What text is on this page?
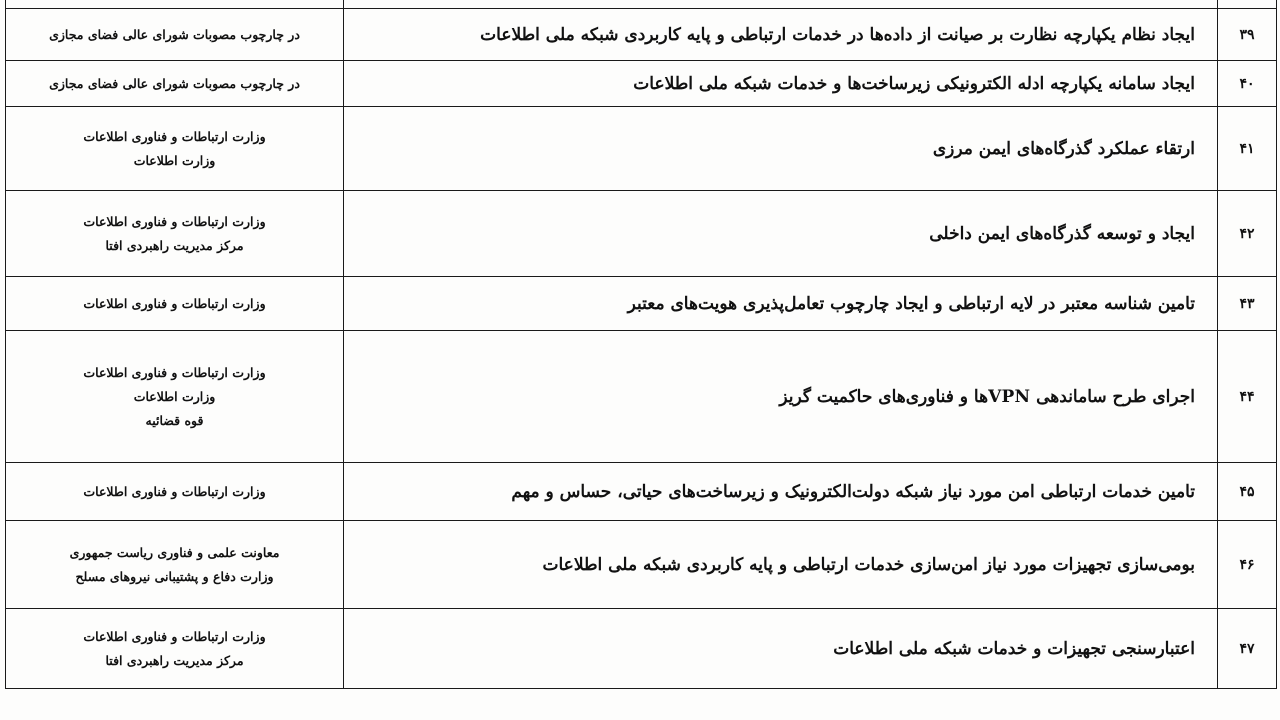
۳۹	ایجاد نظام یکپارچه نظارت بر صیانت از داده‌ها در خدمات ارتباطی و پایه کاربردی شبکه ملی اطلاعات	در چارچوب مصوبات شورای عالی فضای مجازی

۴۰	ایجاد سامانه یکپارچه ادله الکترونیکی زیرساخت‌ها و خدمات شبکه ملی اطلاعات	در چارچوب مصوبات شورای عالی فضای مجازی

۴۱	ارتقاء عملکرد گذرگاه‌های ایمن مرزی	وزارت ارتباطات و فناوری اطلاعات
وزارت اطلاعات

۴۲	ایجاد و توسعه گذرگاه‌های ایمن داخلی	وزارت ارتباطات و فناوری اطلاعات
مرکز مدیریت راهبردی افتا

۴۳	تامین شناسه معتبر در لایه ارتباطی و ایجاد چارچوب تعامل‌پذیری هویت‌های معتبر	وزارت ارتباطات و فناوری اطلاعات

۴۴	اجرای طرح ساماندهی VPNها و فناوری‌های حاکمیت گریز	وزارت ارتباطات و فناوری اطلاعات
وزارت اطلاعات
قوه قضائیه

۴۵	تامین خدمات ارتباطی امن مورد نیاز شبکه دولت‌الکترونیک و زیرساخت‌های حیاتی، حساس و مهم	وزارت ارتباطات و فناوری اطلاعات

۴۶	بومی‌سازی تجهیزات مورد نیاز امن‌سازی خدمات ارتباطی و پایه کاربردی شبکه ملی اطلاعات	معاونت علمی و فناوری ریاست جمهوری
وزارت دفاع و پشتیبانی نیروهای مسلح

۴۷	اعتبارسنجی تجهیزات و خدمات شبکه ملی اطلاعات	وزارت ارتباطات و فناوری اطلاعات
مرکز مدیریت راهبردی افتا
